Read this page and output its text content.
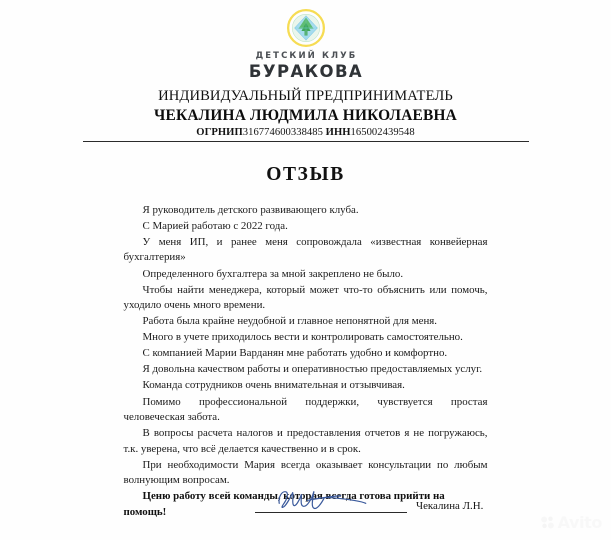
ДЕТСКИЙ КЛУБ
БУРАКОВА
ИНДИВИДУАЛЬНЫЙ ПРЕДПРИНИМАТЕЛЬ
ЧЕКАЛИНА ЛЮДМИЛА НИКОЛАЕВНА
ОГРНИП316774600338485 ИНН165002439548
ОТЗЫВ

Я руководитель детского развивающего клуба.

С Марией работаю с 2022 года.

У меня ИП, и ранее меня сопровождала «известная конвейерная бухгалтерия»

Определенного бухгалтера за мной закреплено не было.

Чтобы найти менеджера, который может что-то объяснить или помочь, уходило очень много времени.

Работа была крайне неудобной и главное непонятной для меня.

Много в учете приходилось вести и контролировать самостоятельно.

С компанией Марии Варданян мне работать удобно и комфортно.

Я довольна качеством работы и оперативностью предоставляемых услуг.

Команда сотрудников очень внимательная и отзывчивая.

Помимо профессиональной поддержки, чувствуется простая человеческая забота.

В вопросы расчета налогов и предоставления отчетов я не погружаюсь, т.к. уверена, что всё делается качественно и в срок.

При необходимости Мария всегда оказывает консультации по любым волнующим вопросам.

Ценю работу всей команды, которая всегда готова прийти на помощь!	Чекалина Л.Н.
Avito
